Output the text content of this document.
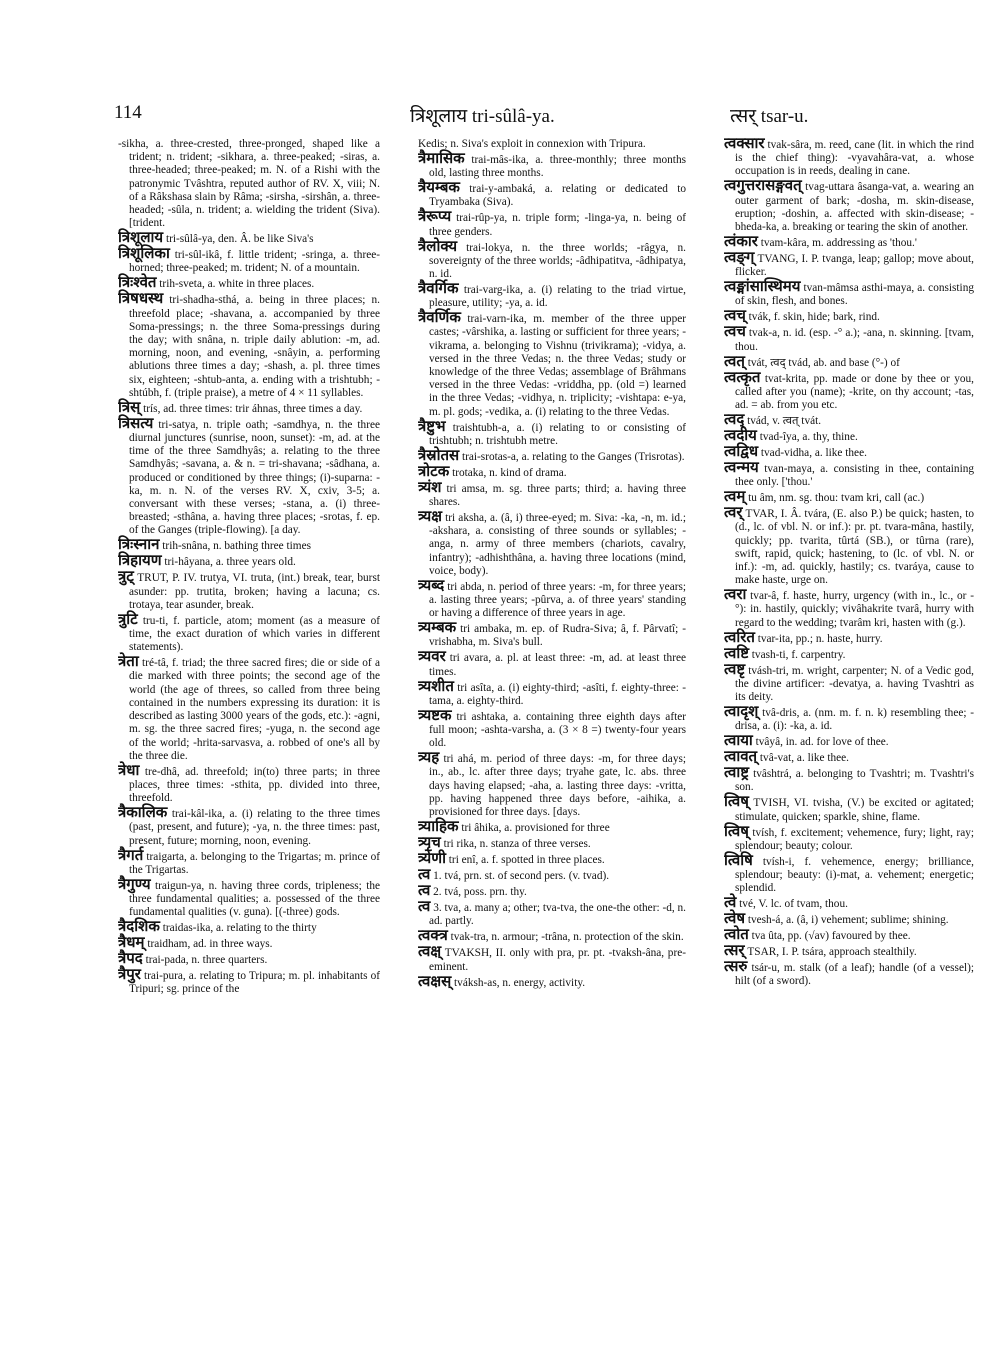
114	त्रिशूलाय tri-sûlâ-ya.	त्सर् tsar-u.

-sikha, a. three-crested, three-pronged, shaped like a trident; n. trident; -sikhara, a. three-peaked; -siras, a. three-headed; three-peaked; m. N. of a Rishi with the patronymic Tvâshtra, reputed author of RV. X, viii; N. of a Râkshasa slain by Râma; -sirsha, -sirshân, a. three-headed; -sûla, n. trident; a. wielding the trident (Siva). [trident.

त्रिशूलाय tri-sûlâ-ya, den. Â. be like Siva's

त्रिशूलिका tri-sûl-ikâ, f. little trident; -sringa, a. three-horned; three-peaked; m. trident; N. of a mountain.

त्रिःश्वेत trih-sveta, a. white in three places.

त्रिषधस्थ tri-shadha-sthá, a. being in three places; n. threefold place; -shavana, a. accompanied by three Soma-pressings; n. the three Soma-pressings during the day; with snâna, n. triple daily ablution: -m, ad. morning, noon, and evening, -snâyin, a. performing ablutions three times a day; -shash, a. pl. three times six, eighteen; -shtub-anta, a. ending with a trishtubh; -shtúbh, f. (triple praise), a metre of 4 × 11 syllables.

त्रिस् trís, ad. three times: trir áhnas, three times a day.

त्रिसत्य tri-satya, n. triple oath; -samdhya, n. the three diurnal junctures (sunrise, noon, sunset): -m, ad. at the time of the three Samdhyâs; a. relating to the three Samdhyâs; -savana, a. & n. = tri-shavana; -sâdhana, a. produced or conditioned by three things; (i)-suparna: -ka, m. n. N. of the verses RV. X, cxiv, 3-5; a. conversant with these verses; -stana, a. (i) three-breasted; -sthâna, a. having three places; -srotas, f. ep. of the Ganges (triple-flowing). [a day.

त्रिःस्नान trih-snâna, n. bathing three times

त्रिहायण tri-hâyana, a. three years old.

त्रुट् TRUT, P. IV. trutya, VI. truta, (int.) break, tear, burst asunder: pp. trutita, broken; having a lacuna; cs. trotaya, tear asunder, break.

त्रुटि tru-ti, f. particle, atom; moment (as a measure of time, the exact duration of which varies in different statements).

त्रेता tré-tâ, f. triad; the three sacred fires; die or side of a die marked with three points; the second age of the world (the age of threes, so called from three being contained in the numbers expressing its duration: it is described as lasting 3000 years of the gods, etc.): -agni, m. sg. the three sacred fires; -yuga, n. the second age of the world; -hrita-sarvasva, a. robbed of one's all by the three die.

त्रेधा tre-dhâ, ad. threefold; in(to) three parts; in three places, three times: -sthita, pp. divided into three, threefold.

त्रैकालिक trai-kâl-ika, a. (i) relating to the three times (past, present, and future); -ya, n. the three times: past, present, future; morning, noon, evening.

त्रैगर्त traigarta, a. belonging to the Trigartas; m. prince of the Trigartas.

त्रैगुण्य traigun-ya, n. having three cords, tripleness; the three fundamental qualities; a. possessed of the three fundamental qualities (v. guna). [(-three) gods.

त्रैदशिक traidas-ika, a. relating to the thirty

त्रैधम् traidham, ad. in three ways.

त्रैपद trai-pada, n. three quarters.

त्रैपुर trai-pura, a. relating to Tripura; m. pl. inhabitants of Tripuri; sg. prince of the

Kedis; n. Siva's exploit in connexion with Tripura.

त्रैमासिक trai-mâs-ika, a. three-monthly; three months old, lasting three months.

त्रैयम्बक trai-y-ambaká, a. relating or dedicated to Tryambaka (Siva).

त्रैरूप्य trai-rûp-ya, n. triple form; -linga-ya, n. being of three genders.

त्रैलोक्य trai-lokya, n. the three worlds; -râgya, n. sovereignty of the three worlds; -âdhipatitva, -âdhipatya, n. id.

त्रैवर्गिक trai-varg-ika, a. (i) relating to the triad virtue, pleasure, utility; -ya, a. id.

त्रैवर्णिक trai-varn-ika, m. member of the three upper castes; -vârshika, a. lasting or sufficient for three years; -vikrama, a. belonging to Vishnu (trivikrama); -vidya, a. versed in the three Vedas; n. the three Vedas; study or knowledge of the three Vedas; assemblage of Brâhmans versed in the three Vedas: -vriddha, pp. (old =) learned in the three Vedas; -vidhya, n. triplicity; -vishtapa: e-ya, m. pl. gods; -vedika, a. (i) relating to the three Vedas.

त्रैष्टुभ traishtubh-a, a. (i) relating to or consisting of trishtubh; n. trishtubh metre.

त्रैस्रोतस trai-srotas-a, a. relating to the Ganges (Trisrotas).

त्रोटक trotaka, n. kind of drama.

त्र्यंश tri amsa, m. sg. three parts; third; a. having three shares.

त्र्यक्ष tri aksha, a. (â, i) three-eyed; m. Siva: -ka, -n, m. id.; -akshara, a. consisting of three sounds or syllables; -anga, n. army of three members (chariots, cavalry, infantry); -adhishthâna, a. having three locations (mind, voice, body).

त्र्यब्द tri abda, n. period of three years: -m, for three years; a. lasting three years; -pûrva, a. of three years' standing or having a difference of three years in age.

त्र्यम्बक tri ambaka, m. ep. of Rudra-Siva; â, f. Pârvatî; -vrishabha, m. Siva's bull.

त्र्यवर tri avara, a. pl. at least three: -m, ad. at least three times.

त्र्यशीत tri asîta, a. (i) eighty-third; -asîti, f. eighty-three: -tama, a. eighty-third.

त्र्यष्टक tri ashtaka, a. containing three eighth days after full moon; -ashta-varsha, a. (3 × 8 =) twenty-four years old.

त्र्यह tri ahá, m. period of three days: -m, for three days; in., ab., lc. after three days; tryahe gate, lc. abs. three days having elapsed; -aha, a. lasting three days: -vritta, pp. having happened three days before, -aihika, a. provisioned for three days. [days.

त्र्याहिक tri âhika, a. provisioned for three

त्र्यृच tri rika, n. stanza of three verses.

त्र्येणी tri enî, a. f. spotted in three places.

त्व 1. tvá, prn. st. of second pers. (v. tvad).

त्व 2. tvá, poss. prn. thy.

त्व 3. tva, a. many a; other; tva-tva, the one-the other: -d, n. ad. partly.

त्वक्त्र tvak-tra, n. armour; -trâna, n. protection of the skin.

त्वक्ष् TVAKSH, II. only with pra, pr. pt. -tvaksh-âna, pre-eminent.

त्वक्षस् tváksh-as, n. energy, activity.

त्वक्सार tvak-sâra, m. reed, cane (lit. in which the rind is the chief thing): -vyavahâra-vat, a. whose occupation is in reeds, dealing in cane.

त्वगुत्तरासङ्गवत् tvag-uttara âsanga-vat, a. wearing an outer garment of bark; -dosha, m. skin-disease, eruption; -doshin, a. affected with skin-disease; -bheda-ka, a. breaking or tearing the skin of another.

त्वंकार tvam-kâra, m. addressing as 'thou.'

त्वङ्ग् TVANG, I. P. tvanga, leap; gallop; move about, flicker.

त्वङ्मांसास्थिमय tvan-mâmsa asthi-maya, a. consisting of skin, flesh, and bones.

त्वच् tvák, f. skin, hide; bark, rind.

त्वच tvak-a, n. id. (esp. -° a.); -ana, n. skinning. [tvam, thou.

त्वत् tvát, त्वद् tvád, ab. and base (°-) of

त्वत्कृत tvat-krita, pp. made or done by thee or you, called after you (name); -krite, on thy account; -tas, ad. = ab. from you etc.

त्वद् tvád, v. त्वत् tvát.

त्वदीय tvad-îya, a. thy, thine.

त्वद्विध tvad-vidha, a. like thee.

त्वन्मय tvan-maya, a. consisting in thee, containing thee only. ['thou.'

त्वम् tu âm, nm. sg. thou: tvam kri, call (ac.)

त्वर् TVAR, I. Â. tvára, (E. also P.) be quick; hasten, to (d., lc. of vbl. N. or inf.): pr. pt. tvara-mâna, hastily, quickly; pp. tvarita, tûrtá (SB.), or tûrna (rare), swift, rapid, quick; hastening, to (lc. of vbl. N. or inf.): -m, ad. quickly, hastily; cs. tvaráya, cause to make haste, urge on.

त्वरा tvar-â, f. haste, hurry, urgency (with in., lc., or -°): in. hastily, quickly; vivâhakrite tvarâ, hurry with regard to the wedding; tvarâm kri, hasten with (g.).

त्वरित tvar-ita, pp.; n. haste, hurry.

त्वष्टि tvash-ti, f. carpentry.

त्वष्टृ tvásh-tri, m. wright, carpenter; N. of a Vedic god, the divine artificer: -devatya, a. having Tvashtri as its deity.

त्वादृश् tvâ-dris, a. (nm. m. f. n. k) resembling thee; -drisa, a. (i): -ka, a. id.

त्वाया tvâyâ, in. ad. for love of thee.

त्वावत् tvâ-vat, a. like thee.

त्वाष्ट्र tvâshtrá, a. belonging to Tvashtri; m. Tvashtri's son.

त्विष् TVISH, VI. tvisha, (V.) be excited or agitated; stimulate, quicken; sparkle, shine, flame.

त्विष् tvísh, f. excitement; vehemence, fury; light, ray; splendour; beauty; colour.

त्विषि tvísh-i, f. vehemence, energy; brilliance, splendour; beauty: (i)-mat, a. vehement; energetic; splendid.

त्वे tvé, V. lc. of tvam, thou.

त्वेष tvesh-á, a. (â, i) vehement; sublime; shining.

त्वोत tva ûta, pp. (√av) favoured by thee.

त्सर् TSAR, I. P. tsára, approach stealthily.

त्सरु tsár-u, m. stalk (of a leaf); handle (of a vessel); hilt (of a sword).
